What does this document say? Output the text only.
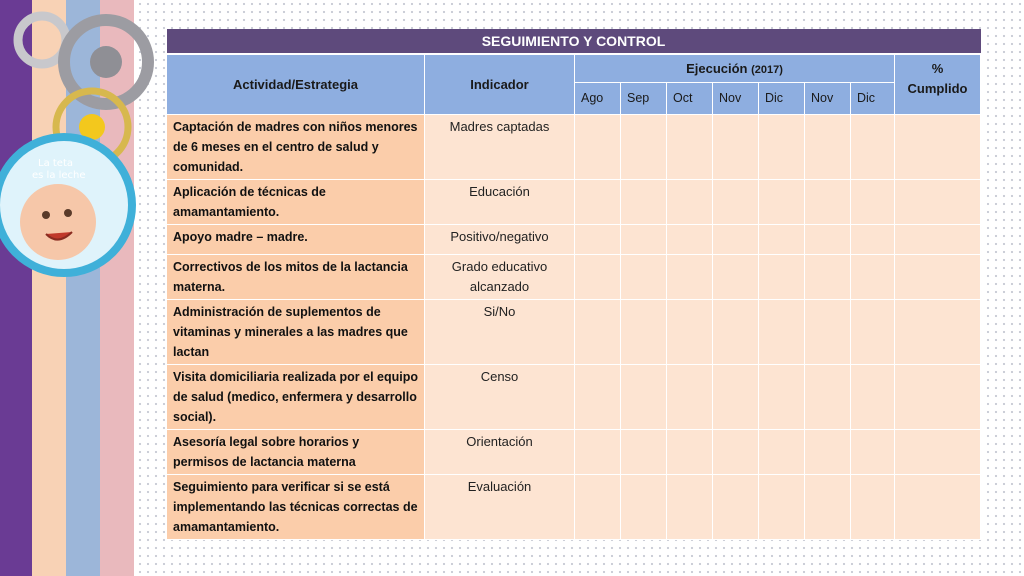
La teta
es la leche
SEGUIMIENTO Y CONTROL									
Actividad/Estrategia	Indicador	Ejecución (2017)							%
Cumplido

		Ago	Sep	Oct	Nov	Dic	Nov	Dic	
Captación de madres con niños menores de 6 meses en el centro de salud y comunidad.	Madres captadas								
Aplicación de técnicas de amamantamiento.	Educación								
Apoyo madre – madre.	Positivo/negativo								
Correctivos de los mitos de la lactancia materna.	Grado educativo alcanzado								
Administración de suplementos de vitaminas y minerales a las madres que lactan	Si/No								
Visita domiciliaria realizada por el equipo de salud (medico, enfermera y desarrollo social).	Censo								
Asesoría legal sobre horarios y permisos de lactancia materna	Orientación								
Seguimiento para verificar si se está implementando las técnicas correctas de amamantamiento.	Evaluación								
